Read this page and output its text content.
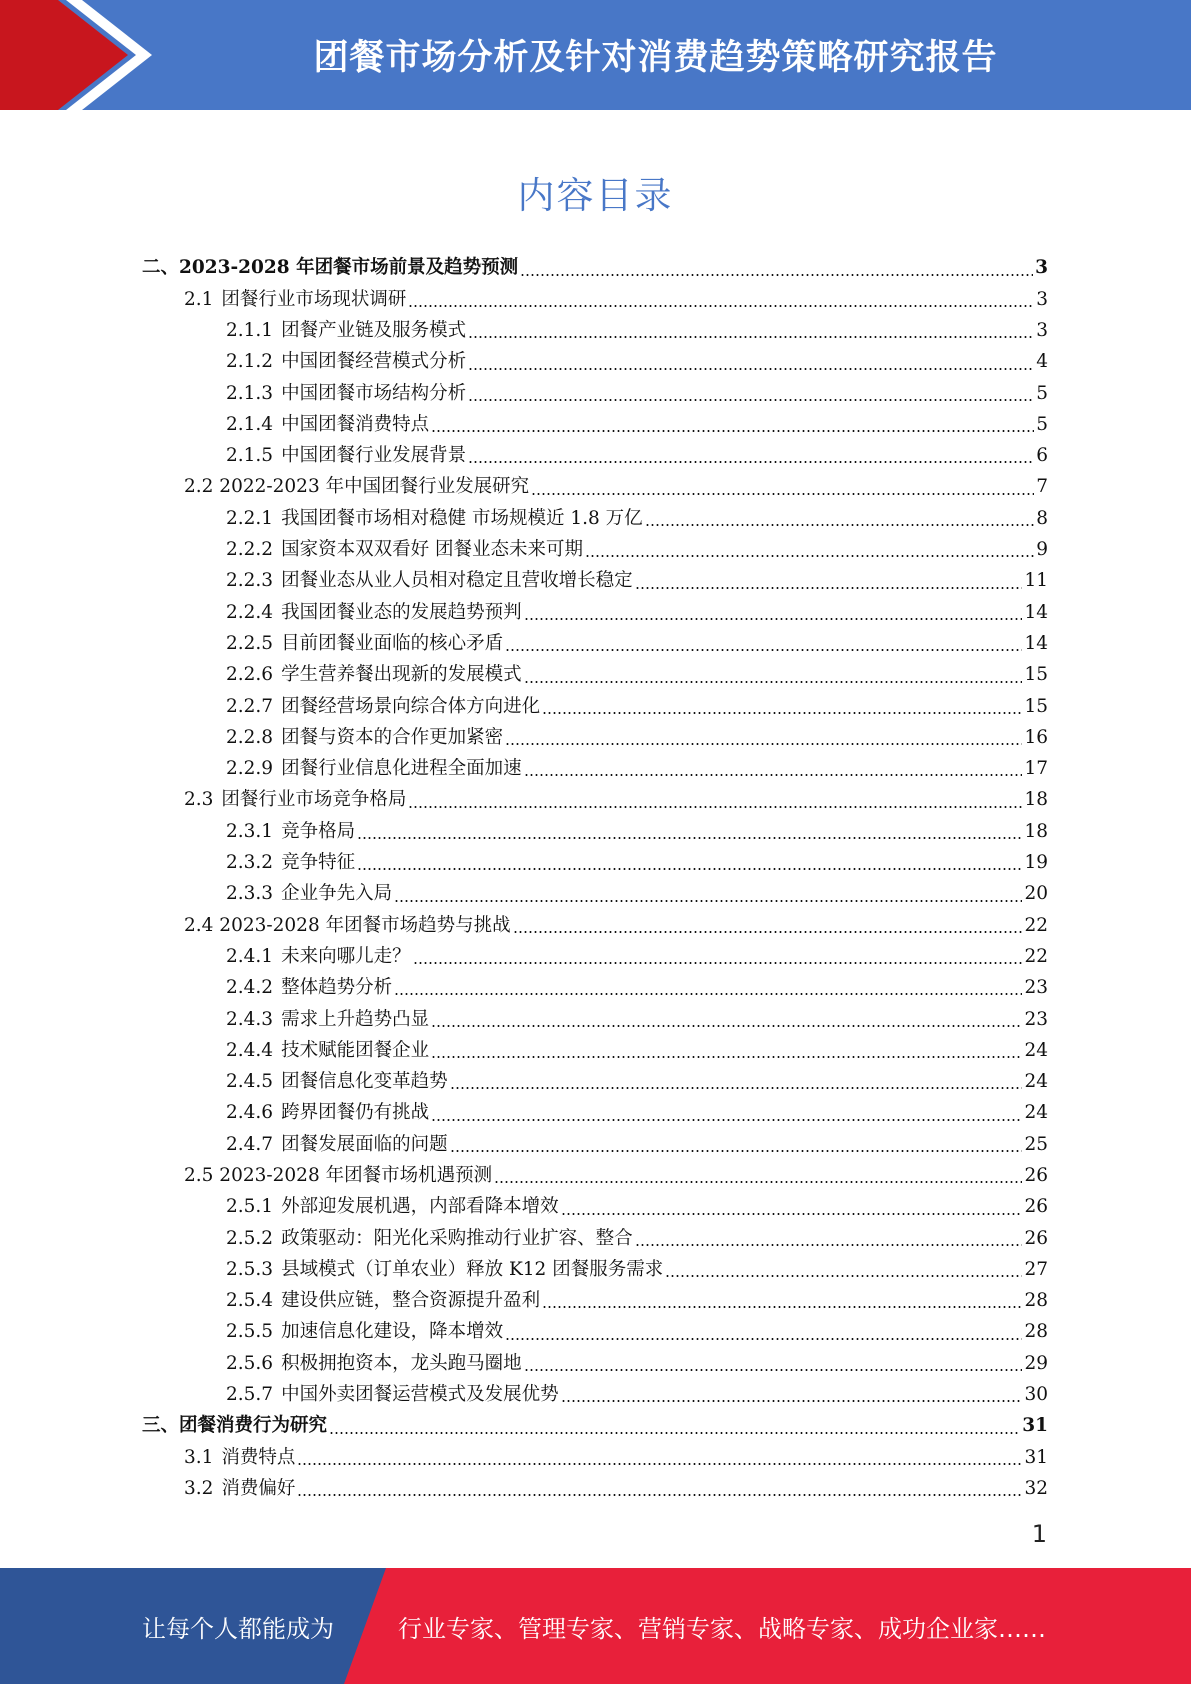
团餐市场分析及针对消费趋势策略研究报告
内容目录
二、2023-2028 年团餐市场前景及趋势预测	3
2.1 团餐行业市场现状调研	3
2.1.1 团餐产业链及服务模式	3
2.1.2 中国团餐经营模式分析	4
2.1.3 中国团餐市场结构分析	5
2.1.4 中国团餐消费特点	5
2.1.5 中国团餐行业发展背景	6
2.2 2022-2023 年中国团餐行业发展研究	7
2.2.1 我国团餐市场相对稳健 市场规模近 1.8 万亿	8
2.2.2 国家资本双双看好 团餐业态未来可期	9
2.2.3 团餐业态从业人员相对稳定且营收增长稳定	11
2.2.4 我国团餐业态的发展趋势预判	14
2.2.5 目前团餐业面临的核心矛盾	14
2.2.6 学生营养餐出现新的发展模式	15
2.2.7 团餐经营场景向综合体方向进化	15
2.2.8 团餐与资本的合作更加紧密	16
2.2.9 团餐行业信息化进程全面加速	17
2.3 团餐行业市场竞争格局	18
2.3.1 竞争格局	18
2.3.2 竞争特征	19
2.3.3 企业争先入局	20
2.4 2023-2028 年团餐市场趋势与挑战	22
2.4.1 未来向哪儿走？	22
2.4.2 整体趋势分析	23
2.4.3 需求上升趋势凸显	23
2.4.4 技术赋能团餐企业	24
2.4.5 团餐信息化变革趋势	24
2.4.6 跨界团餐仍有挑战	24
2.4.7 团餐发展面临的问题	25
2.5 2023-2028 年团餐市场机遇预测	26
2.5.1 外部迎发展机遇，内部看降本增效	26
2.5.2 政策驱动：阳光化采购推动行业扩容、整合	26
2.5.3 县域模式（订单农业）释放 K12 团餐服务需求	27
2.5.4 建设供应链，整合资源提升盈利	28
2.5.5 加速信息化建设，降本增效	28
2.5.6 积极拥抱资本，龙头跑马圈地	29
2.5.7 中国外卖团餐运营模式及发展优势	30
三、团餐消费行为研究	31
3.1 消费特点	31
3.2 消费偏好	32
1
让每个人都能成为	行业专家、管理专家、营销专家、战略专家、成功企业家……
